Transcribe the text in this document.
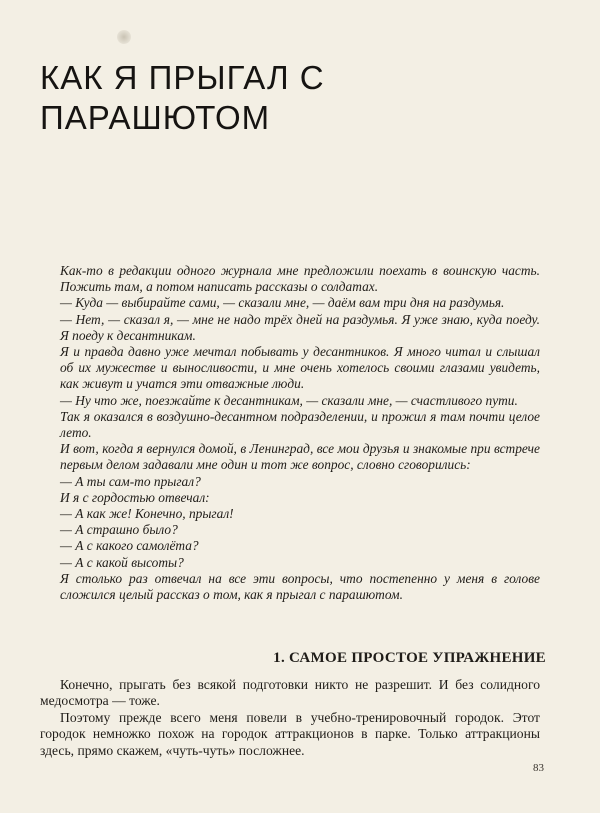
КАК Я ПРЫГАЛ С ПАРАШЮТОМ

Как-то в редакции одного журнала мне предложили поехать в воинскую часть. Пожить там, а потом написать рассказы о солдатах.

— Куда — выбирайте сами, — сказали мне, — даём вам три дня на раздумья.

— Нет, — сказал я, — мне не надо трёх дней на раздумья. Я уже знаю, куда поеду. Я поеду к десантникам.

Я и правда давно уже мечтал побывать у десантников. Я много читал и слышал об их мужестве и выносливости, и мне очень хотелось своими глазами увидеть, как живут и учатся эти отважные люди.

— Ну что же, поезжайте к десантникам, — сказали мне, — счастливого пути.

Так я оказался в воздушно-десантном подразделении, и прожил я там почти целое лето.

И вот, когда я вернулся домой, в Ленинград, все мои друзья и знакомые при встрече первым делом задавали мне один и тот же вопрос, словно сговорились:

— А ты сам-то прыгал?

И я с гордостью отвечал:

— А как же! Конечно, прыгал!

— А страшно было?

— А с какого самолёта?

— А с какой высоты?

Я столько раз отвечал на все эти вопросы, что постепенно у меня в голове сложился целый рассказ о том, как я прыгал с парашютом.

1. САМОЕ ПРОСТОЕ УПРАЖНЕНИЕ

Конечно, прыгать без всякой подготовки никто не разрешит. И без солидного медосмотра — тоже.

Поэтому прежде всего меня повели в учебно-тренировочный городок. Этот городок немножко похож на городок аттракционов в парке. Только аттракционы здесь, прямо скажем, «чуть-чуть» посложнее.

83
